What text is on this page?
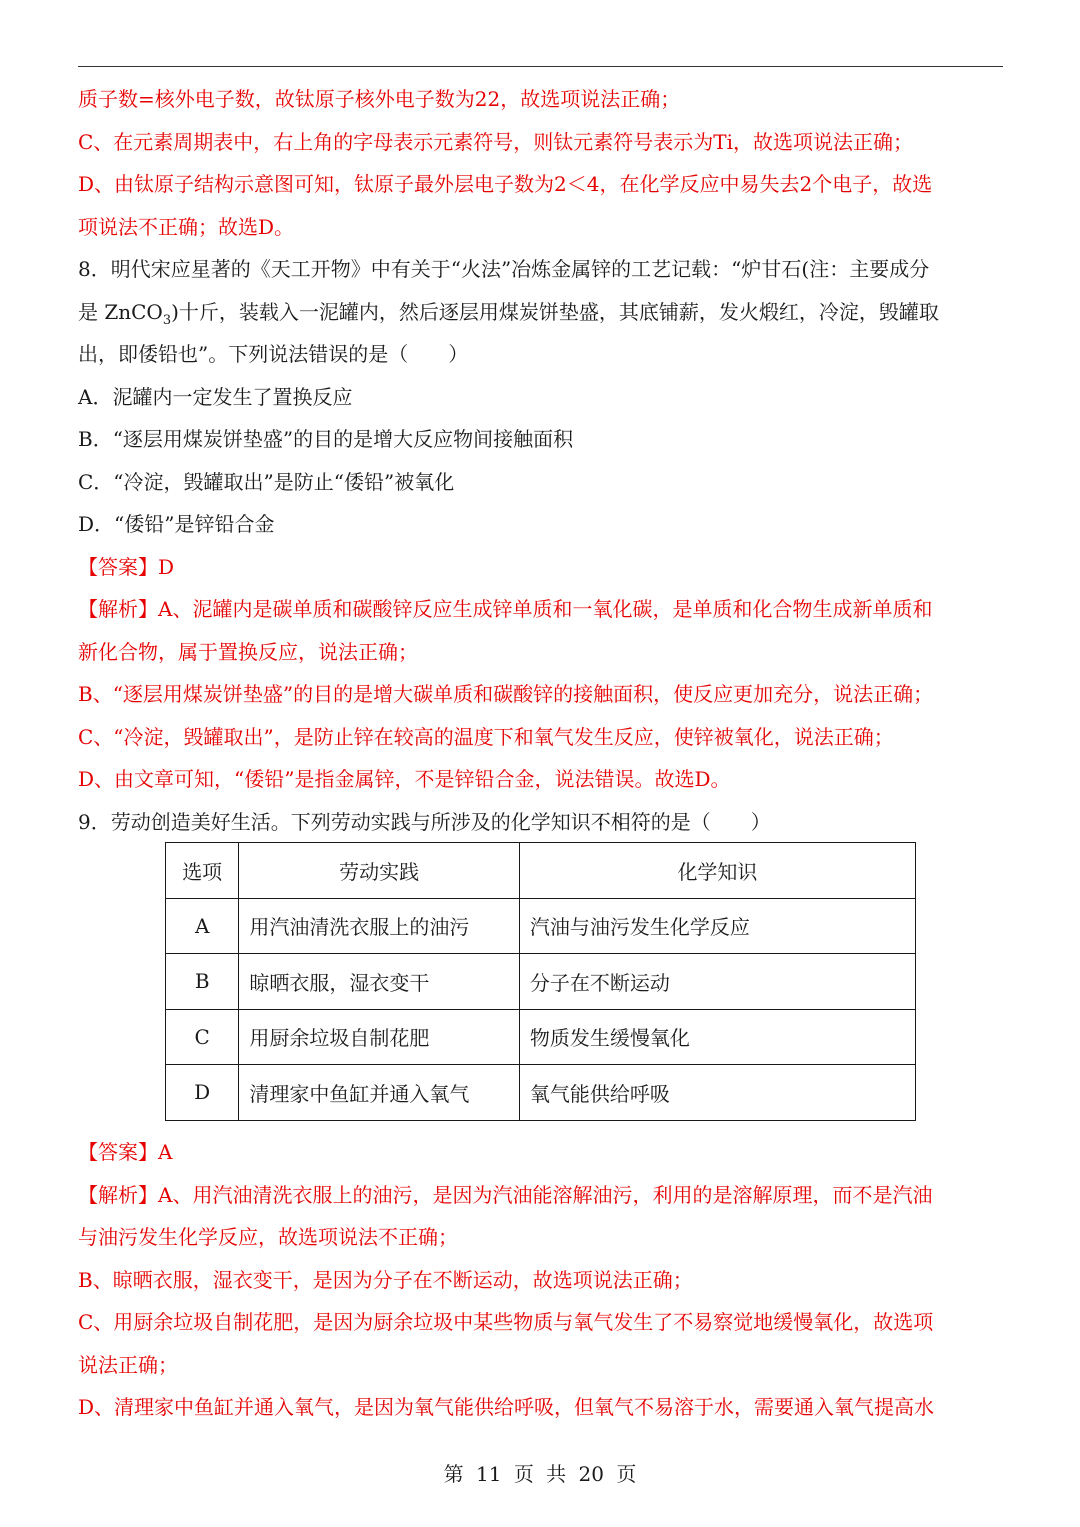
质子数=核外电子数，故钛原子核外电子数为22，故选项说法正确；
C、在元素周期表中，右上角的字母表示元素符号，则钛元素符号表示为Ti，故选项说法正确；
D、由钛原子结构示意图可知，钛原子最外层电子数为2＜4，在化学反应中易失去2个电子，故选
项说法不正确；故选D。
8．明代宋应星著的《天工开物》中有关于“火法”冶炼金属锌的工艺记载：“炉甘石(注：主要成分
是 ZnCO$_3$)十斤，装载入一泥罐内，然后逐层用煤炭饼垫盛，其底铺薪，发火煅红，冷淀，毁罐取
出，即倭铅也”。下列说法错误的是（　　）
A．泥罐内一定发生了置换反应
B．“逐层用煤炭饼垫盛”的目的是增大反应物间接触面积
C．“冷淀，毁罐取出”是防止“倭铅”被氧化
D．“倭铅”是锌铅合金
【答案】D
【解析】A、泥罐内是碳单质和碳酸锌反应生成锌单质和一氧化碳，是单质和化合物生成新单质和
新化合物，属于置换反应，说法正确；
B、“逐层用煤炭饼垫盛”的目的是增大碳单质和碳酸锌的接触面积，使反应更加充分，说法正确；
C、“冷淀，毁罐取出”，是防止锌在较高的温度下和氧气发生反应，使锌被氧化，说法正确；
D、由文章可知，“倭铅”是指金属锌，不是锌铅合金，说法错误。故选D。
9．劳动创造美好生活。下列劳动实践与所涉及的化学知识不 ·相 ·符 ·的是（　　）
选项	劳动实践	化学知识
A	用汽油清洗衣服上的油污	汽油与油污发生化学反应
B	晾晒衣服，湿衣变干	分子在不断运动
C	用厨余垃圾自制花肥	物质发生缓慢氧化
D	清理家中鱼缸并通入氧气	氧气能供给呼吸
【答案】A
【解析】A、用汽油清洗衣服上的油污，是因为汽油能溶解油污，利用的是溶解原理，而不是汽油
与油污发生化学反应，故选项说法不正确；
B、晾晒衣服，湿衣变干，是因为分子在不断运动，故选项说法正确；
C、用厨余垃圾自制花肥，是因为厨余垃圾中某些物质与氧气发生了不易察觉地缓慢氧化，故选项
说法正确；
D、清理家中鱼缸并通入氧气，是因为氧气能供给呼吸，但氧气不易溶于水，需要通入氧气提高水
第 11 页 共 20 页
